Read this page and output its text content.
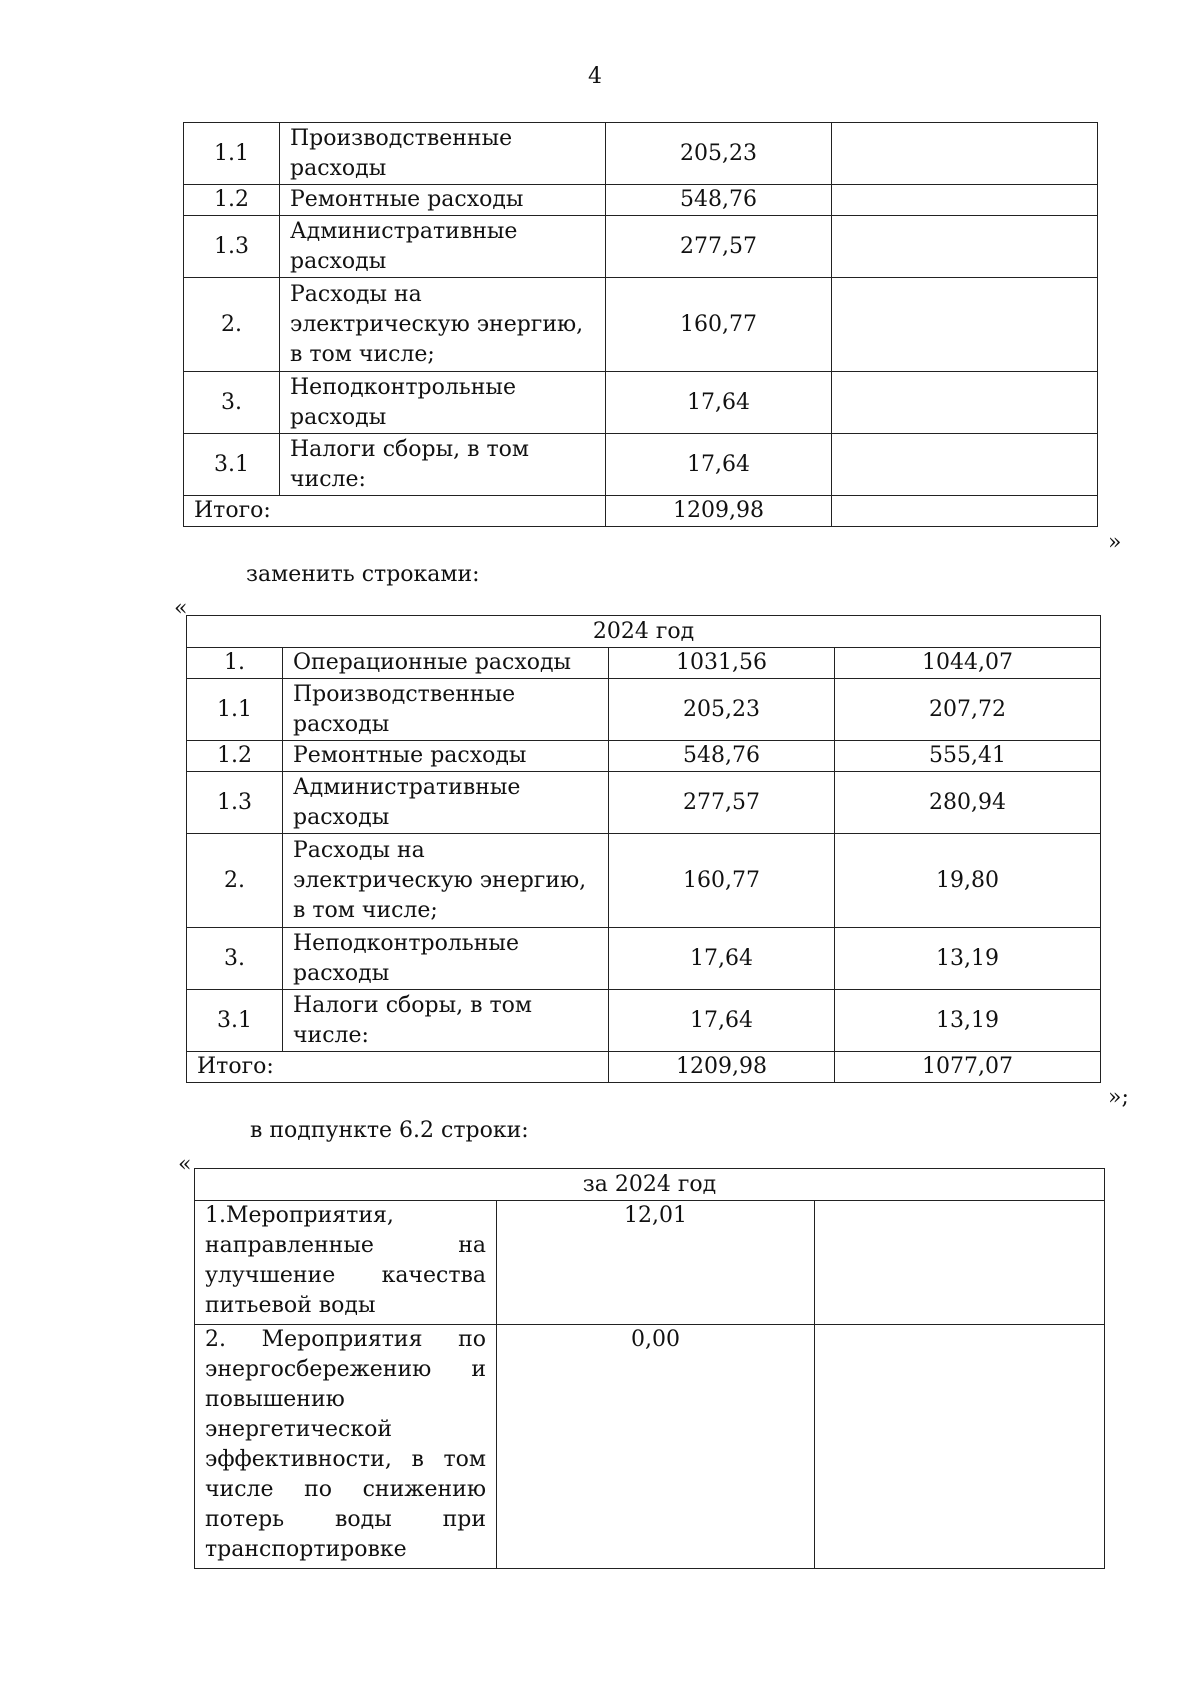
4
1.1	Производственные расходы	205,23	
1.2	Ремонтные расходы	548,76	
1.3	Административные расходы	277,57	
2.	Расходы на электрическую энергию, в том числе;	160,77	
3.	Неподконтрольные расходы	17,64	
3.1	Налоги сборы, в том числе:	17,64	
Итого:		1209,98	
»
заменить строками:
«
2024 год			
1.	Операционные расходы	1031,56	1044,07
1.1	Производственные расходы	205,23	207,72
1.2	Ремонтные расходы	548,76	555,41
1.3	Административные расходы	277,57	280,94
2.	Расходы на электрическую энергию, в том числе;	160,77	19,80
3.	Неподконтрольные расходы	17,64	13,19
3.1	Налоги сборы, в том числе:	17,64	13,19
Итого:		1209,98	1077,07
»;
в подпункте 6.2 строки:
«
за 2024 год		
1.Мероприятия, направленные на улучшение качества питьевой воды	12,01	
2. Мероприятия по энергосбережению и повышению энергетической эффективности, в том числе по снижению потерь воды при транспортировке	0,00	
